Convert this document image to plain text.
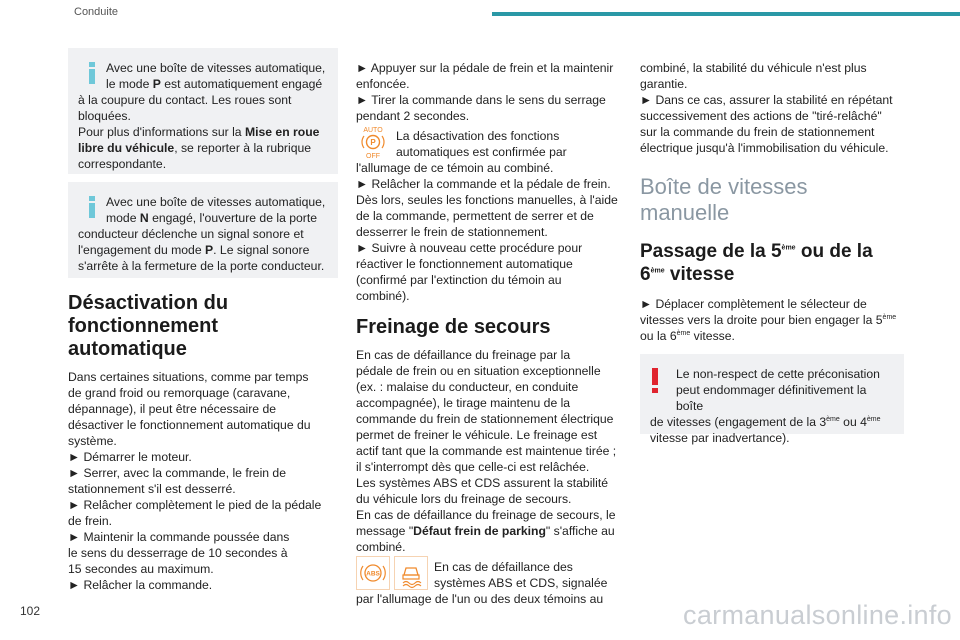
Conduite
Avec une boîte de vitesses automatique,
le mode P est automatiquement engagé
à la coupure du contact. Les roues sont
bloquées.
Pour plus d'informations sur la Mise en roue
libre du véhicule, se reporter à la rubrique
correspondante.
Avec une boîte de vitesses automatique,
mode N engagé, l'ouverture de la porte
conducteur déclenche un signal sonore et
l'engagement du mode P. Le signal sonore
s'arrête à la fermeture de la porte conducteur.
Désactivation du
fonctionnement
automatique
Dans certaines situations, comme par temps
de grand froid ou remorquage (caravane,
dépannage), il peut être nécessaire de
désactiver le fonctionnement automatique du
système.
► Démarrer le moteur.
► Serrer, avec la commande, le frein de
stationnement s'il est desserré.
► Relâcher complètement le pied de la pédale
de frein.
► Maintenir la commande poussée dans
le sens du desserrage de 10 secondes à
15 secondes au maximum.
► Relâcher la commande.
► Appuyer sur la pédale de frein et la maintenir
enfoncée.
► Tirer la commande dans le sens du serrage
pendant 2 secondes.
AUTO
P
OFF
La désactivation des fonctions
automatiques est confirmée par
l'allumage de ce témoin au combiné.
► Relâcher la commande et la pédale de frein.
Dès lors, seules les fonctions manuelles, à l'aide
de la commande, permettent de serrer et de
desserrer le frein de stationnement.
► Suivre à nouveau cette procédure pour
réactiver le fonctionnement automatique
(confirmé par l'extinction du témoin au combiné).
Freinage de secours
En cas de défaillance du freinage par la
pédale de frein ou en situation exceptionnelle
(ex. : malaise du conducteur, en conduite
accompagnée), le tirage maintenu de la
commande du frein de stationnement électrique
permet de freiner le véhicule. Le freinage est
actif tant que la commande est maintenue tirée ;
il s'interrompt dès que celle-ci est relâchée.
Les systèmes ABS et CDS assurent la stabilité
du véhicule lors du freinage de secours.
En cas de défaillance du freinage de secours, le
message "Défaut frein de parking" s'affiche au
combiné.
ABS	En cas de défaillance des
systèmes ABS et CDS, signalée
par l'allumage de l'un ou des deux témoins au
combiné, la stabilité du véhicule n'est plus
garantie.
► Dans ce cas, assurer la stabilité en répétant
successivement des actions de "tiré-relâché"
sur la commande du frein de stationnement
électrique jusqu'à l'immobilisation du véhicule.
Boîte de vitesses
manuelle
Passage de la 5ème ou de la
6ème vitesse
► Déplacer complètement le sélecteur de
vitesses vers la droite pour bien engager la 5ème
ou la 6ème vitesse.
Le non-respect de cette préconisation
peut endommager définitivement la boîte
de vitesses (engagement de la 3ème ou 4ème
vitesse par inadvertance).
102	carmanualsonline.info
